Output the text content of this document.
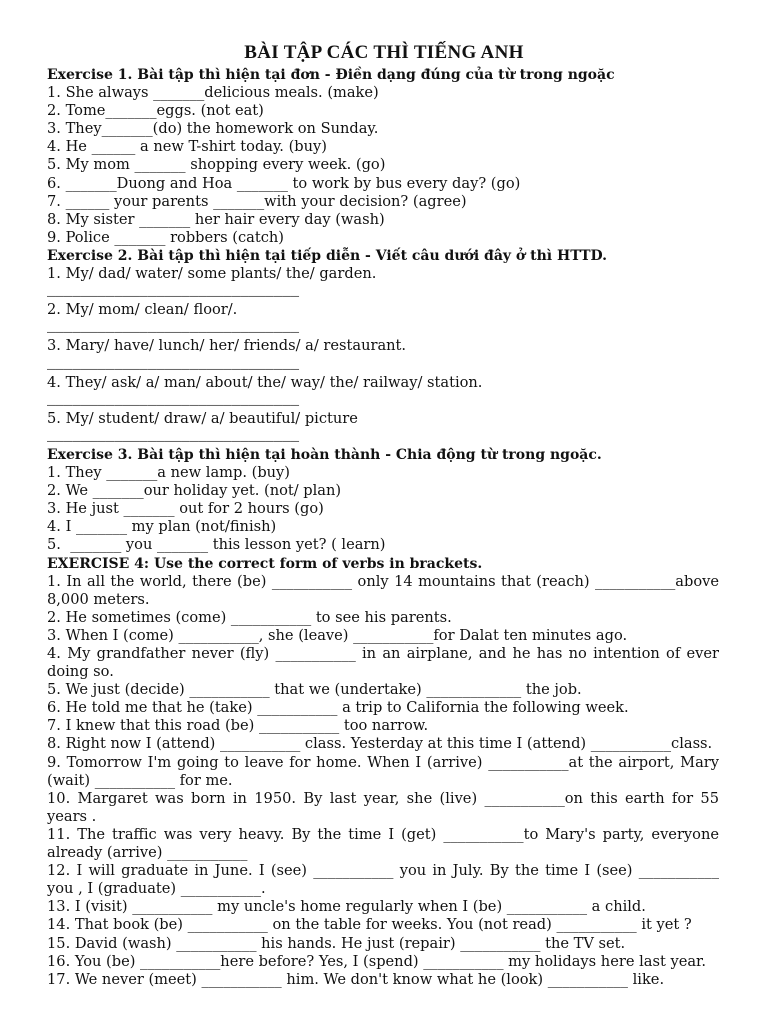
BÀI TẬP CÁC THÌ TIẾNG ANH
Exercise 1. Bài tập thì hiện tại đơn - Điền dạng đúng của từ trong ngoặc
1. She always _______delicious meals. (make)
2. Tome_______eggs. (not eat)
3. They_______(do) the homework on Sunday.
4. He ______ a new T-shirt today. (buy)
5. My mom _______ shopping every week. (go)
6. _______Duong and Hoa _______ to work by bus every day? (go)
7. ______ your parents _______with your decision? (agree)
8. My sister _______ her hair every day (wash)
9. Police _______ robbers (catch)
Exercise 2. Bài tập thì hiện tại tiếp diễn - Viết câu dưới đây ở thì HTTD.
1. My/ dad/ water/ some plants/ the/ garden.
______________________________
2. My/ mom/ clean/ floor/.
______________________________
3. Mary/ have/ lunch/ her/ friends/ a/ restaurant.
______________________________
4. They/ ask/ a/ man/ about/ the/ way/ the/ railway/ station.
______________________________
5. My/ student/ draw/ a/ beautiful/ picture
______________________________
Exercise 3. Bài tập thì hiện tại hoàn thành - Chia động từ trong ngoặc.
1. They _______a new lamp. (buy)
2. We _______our holiday yet. (not/ plan)
3. He just _______ out for 2 hours (go)
4. I _______ my plan (not/finish)
5.  _______ you _______ this lesson yet? ( learn)
EXERCISE 4: Use the correct form of verbs in brackets.
1. In all the world, there (be) ___________ only 14 mountains that (reach) ___________above
8,000 meters.
2. He sometimes (come) ___________ to see his parents.
3. When I (come) ___________, she (leave) ___________for Dalat ten minutes ago.
4. My grandfather never (fly) ___________ in an airplane, and he has no intention of ever
doing so.
5. We just (decide) ___________ that we (undertake) _____________ the job.
6. He told me that he (take) ___________ a trip to California the following week.
7. I knew that this road (be) ___________ too narrow.
8. Right now I (attend) ___________ class. Yesterday at this time I (attend) ___________class.
9. Tomorrow I'm going to leave for home. When I (arrive) ___________at the airport, Mary
(wait) ___________ for me.
10. Margaret was born in 1950. By last year, she (live) ___________on this earth for 55
years .
11. The traffic was very heavy. By the time I (get) ___________to Mary's party, everyone
already (arrive) ___________
12. I will graduate in June. I (see) ___________ you in July. By the time I (see) ___________
you , I (graduate) ___________.
13. I (visit) ___________ my uncle's home regularly when I (be) ___________ a child.
14. That book (be) ___________ on the table for weeks. You (not read) ___________ it yet ?
15. David (wash) ___________ his hands. He just (repair) ___________ the TV set.
16. You (be) ___________here before? Yes, I (spend) ___________ my holidays here last year.
17. We never (meet) ___________ him. We don't know what he (look) ___________ like.
